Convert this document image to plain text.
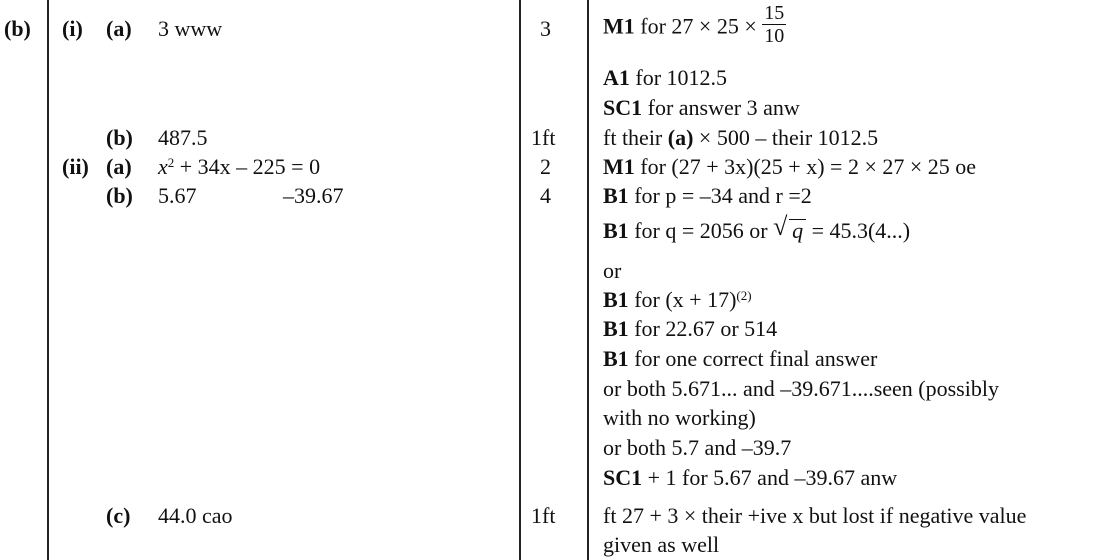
(b) (i) (a) 3 www
(b) 487.5
(ii) (a) $x^2 + 34x - 225 = 0$
(b) 5.67	–39.67
(c) 44.0 cao
3
1ft
2
4
1ft
M1 for $27 \times 25 \times \frac{15}{10}$
A1 for 1012.5
SC1 for answer 3 anw
ft their (a) × 500 – their 1012.5
M1 for (27 + 3x)(25 + x) = 2 × 27 × 25 oe
B1 for p = –34 and r =2
B1 for q = 2056 or √ q = 45.3(4...)
or
B1 for $(x + 17)^{(2)}$
B1 for 22.67 or 514
B1 for one correct final answer
or both 5.671... and –39.671....seen (possibly
with no working)
or both 5.7 and –39.7
SC1 + 1 for 5.67 and –39.67 anw
ft 27 + 3 × their +ive x but lost if negative value
given as well
